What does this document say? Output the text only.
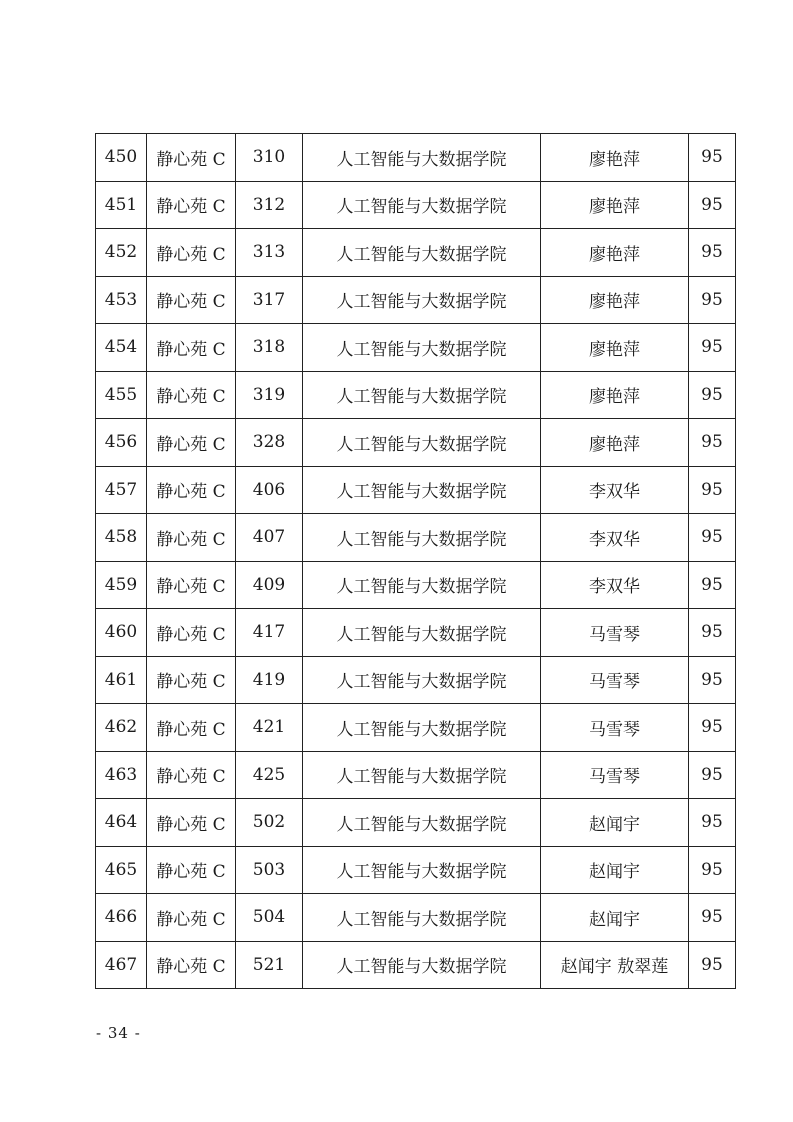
450	静心苑 C	310	人工智能与大数据学院	廖艳萍	95
451	静心苑 C	312	人工智能与大数据学院	廖艳萍	95
452	静心苑 C	313	人工智能与大数据学院	廖艳萍	95
453	静心苑 C	317	人工智能与大数据学院	廖艳萍	95
454	静心苑 C	318	人工智能与大数据学院	廖艳萍	95
455	静心苑 C	319	人工智能与大数据学院	廖艳萍	95
456	静心苑 C	328	人工智能与大数据学院	廖艳萍	95
457	静心苑 C	406	人工智能与大数据学院	李双华	95
458	静心苑 C	407	人工智能与大数据学院	李双华	95
459	静心苑 C	409	人工智能与大数据学院	李双华	95
460	静心苑 C	417	人工智能与大数据学院	马雪琴	95
461	静心苑 C	419	人工智能与大数据学院	马雪琴	95
462	静心苑 C	421	人工智能与大数据学院	马雪琴	95
463	静心苑 C	425	人工智能与大数据学院	马雪琴	95
464	静心苑 C	502	人工智能与大数据学院	赵闻宇	95
465	静心苑 C	503	人工智能与大数据学院	赵闻宇	95
466	静心苑 C	504	人工智能与大数据学院	赵闻宇	95
467	静心苑 C	521	人工智能与大数据学院	赵闻宇 敖翠莲	95
- 34 -
